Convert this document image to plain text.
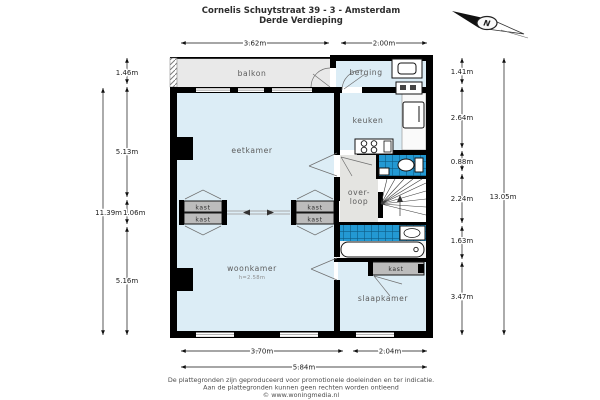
Cornelis Schuytstraat 39 - 3 - Amsterdam
Derde Verdieping	N
kast
kast
kast
kast
kast
balkon	berging
keuken
eetkamer
over-
loop
woonkamer
h=2.58m
slaapkamer
3.62m	2.00m
1.46m
5.13m
1.06m
5.16m
11.39m
1.41m
2.64m
0.88m
2.24m
1.63m
3.47m
13.05m
3.70m	2.04m
5.84m
De plattegronden zijn geproduceerd voor promotionele doeleinden en ter indicatie.
Aan de plattegronden kunnen geen rechten worden ontleend
© www.woningmedia.nl
